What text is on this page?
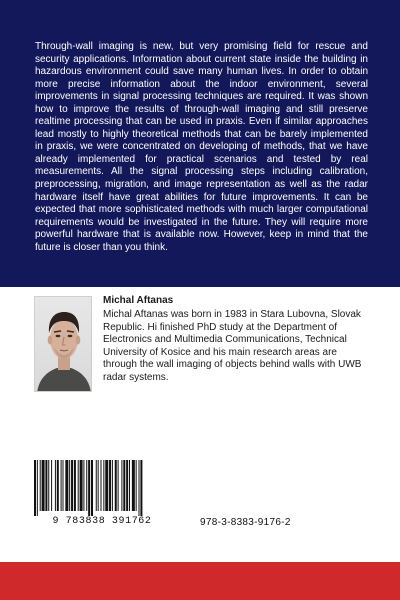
Through-wall imaging is new, but very promising field for rescue and security applications. Information about current state inside the building in hazardous environment could save many human lives. In order to obtain more precise information about the indoor environment, several improvements in signal processing techniques are required. It was shown how to improve the results of through-wall imaging and still preserve realtime processing that can be used in praxis. Even if similar approaches lead mostly to highly theoretical methods that can be barely implemented in praxis, we were concentrated on developing of methods, that we have already implemented for practical scenarios and tested by real measurements. All the signal processing steps including calibration, preprocessing, migration, and image representation as well as the radar hardware itself have great abilities for future improvements. It can be expected that more sophisticated methods with much larger computational requirements would be investigated in the future. They will require more powerful hardware that is available now. However, keep in mind that the future is closer than you think.

Michal Aftanas

Michal Aftanas was born in 1983 in Stara Lubovna, Slovak Republic. Hi finished PhD study at the Department of Electronics and Multimedia Communications, Technical University of Kosice and his main research areas are through the wall imaging of objects behind walls with UWB radar systems.

9 783838 391762	978-3-8383-9176-2
